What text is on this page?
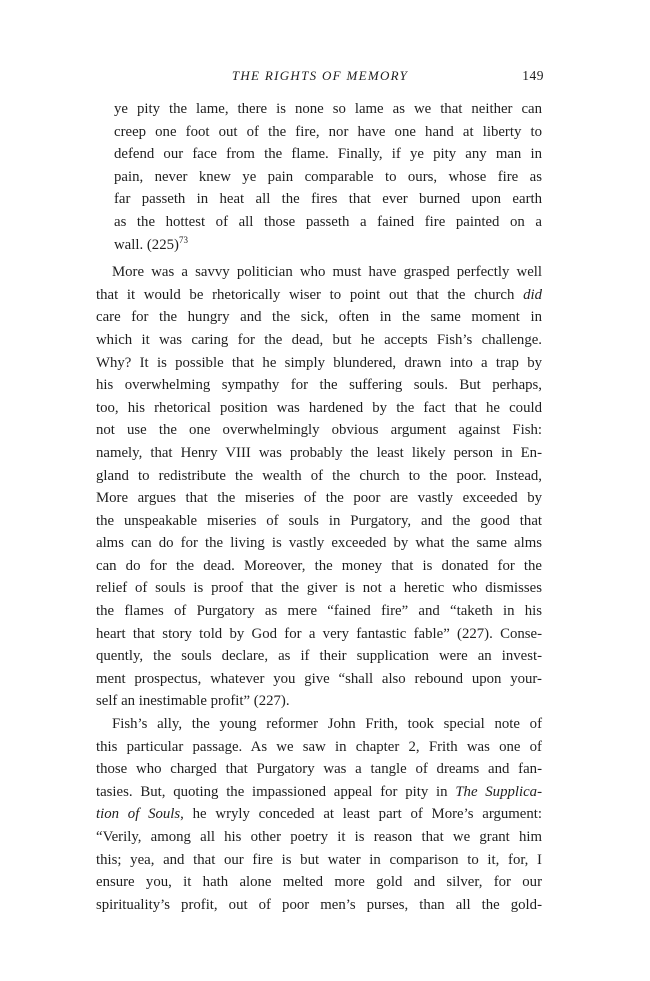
THE RIGHTS OF MEMORY	149

ye pity the lame, there is none so lame as we that neither can

creep one foot out of the fire, nor have one hand at liberty to

defend our face from the flame. Finally, if ye pity any man in

pain, never knew ye pain comparable to ours, whose fire as

far passeth in heat all the fires that ever burned upon earth

as the hottest of all those passeth a fained fire painted on a

wall. $(225)^{73}$

More was a savvy politician who must have grasped perfectly well

that it would be rhetorically wiser to point out that the church did

care for the hungry and the sick, often in the same moment in

which it was caring for the dead, but he accepts Fish’s challenge.

Why? It is possible that he simply blundered, drawn into a trap by

his overwhelming sympathy for the suffering souls. But perhaps,

too, his rhetorical position was hardened by the fact that he could

not use the one overwhelmingly obvious argument against Fish:

namely, that Henry VIII was probably the least likely person in En-

gland to redistribute the wealth of the church to the poor. Instead,

More argues that the miseries of the poor are vastly exceeded by

the unspeakable miseries of souls in Purgatory, and the good that

alms can do for the living is vastly exceeded by what the same alms

can do for the dead. Moreover, the money that is donated for the

relief of souls is proof that the giver is not a heretic who dismisses

the flames of Purgatory as mere “fained fire” and “taketh in his

heart that story told by God for a very fantastic fable” (227). Conse-

quently, the souls declare, as if their supplication were an invest-

ment prospectus, whatever you give “shall also rebound upon your-

self an inestimable profit” (227).

Fish’s ally, the young reformer John Frith, took special note of

this particular passage. As we saw in chapter 2, Frith was one of

those who charged that Purgatory was a tangle of dreams and fan-

tasies. But, quoting the impassioned appeal for pity in The Supplica-

tion of Souls, he wryly conceded at least part of More’s argument:

“Verily, among all his other poetry it is reason that we grant him

this; yea, and that our fire is but water in comparison to it, for, I

ensure you, it hath alone melted more gold and silver, for our

spirituality’s profit, out of poor men’s purses, than all the gold-
